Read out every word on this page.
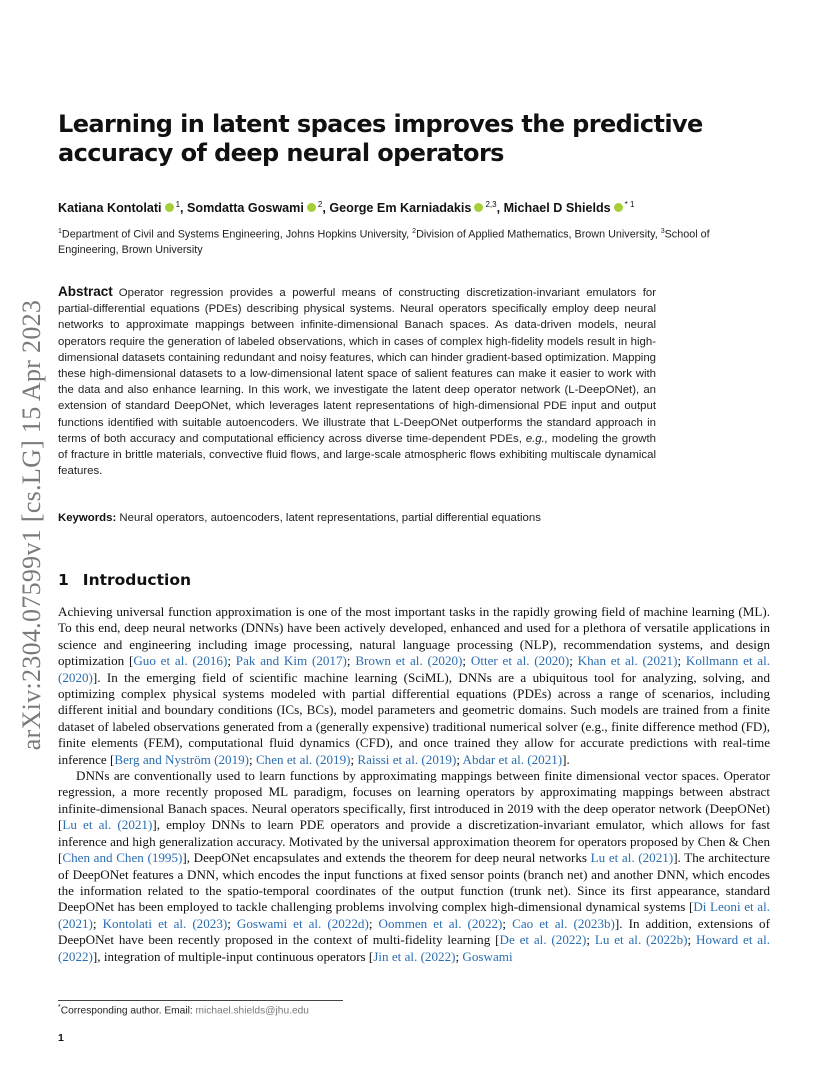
arXiv:2304.07599v1 [cs.LG] 15 Apr 2023
Learning in latent spaces improves the predictive accuracy of deep neural operators
Katiana Kontolati $^1$, Somdatta Goswami $^2$, George Em Karniadakis $^{2,3}$, Michael D Shields $^{* 1}$
$^1$Department of Civil and Systems Engineering, Johns Hopkins University, $^2$Division of Applied Mathematics, Brown University, $^3$School of Engineering, Brown University
Abstract Operator regression provides a powerful means of constructing discretization-invariant emulators for partial-differential equations (PDEs) describing physical systems. Neural operators specifically employ deep neural networks to approximate mappings between infinite-dimensional Banach spaces. As data-driven models, neural operators require the generation of labeled observations, which in cases of complex high-fidelity models result in high-dimensional datasets containing redundant and noisy features, which can hinder gradient-based optimization. Mapping these high-dimensional datasets to a low-dimensional latent space of salient features can make it easier to work with the data and also enhance learning. In this work, we investigate the latent deep operator network (L-DeepONet), an extension of standard DeepONet, which leverages latent representations of high-dimensional PDE input and output functions identified with suitable autoencoders. We illustrate that L-DeepONet outperforms the standard approach in terms of both accuracy and computational efficiency across diverse time-dependent PDEs, e.g., modeling the growth of fracture in brittle materials, convective fluid flows, and large-scale atmospheric flows exhibiting multiscale dynamical features.
Keywords: Neural operators, autoencoders, latent representations, partial differential equations
1 Introduction

Achieving universal function approximation is one of the most important tasks in the rapidly growing field of machine learning (ML). To this end, deep neural networks (DNNs) have been actively developed, enhanced and used for a plethora of versatile applications in science and engineering including image processing, natural language processing (NLP), recommendation systems, and design optimization [Guo et al. (2016); Pak and Kim (2017); Brown et al. (2020); Otter et al. (2020); Khan et al. (2021); Kollmann et al. (2020)]. In the emerging field of scientific machine learning (SciML), DNNs are a ubiquitous tool for analyzing, solving, and optimizing complex physical systems modeled with partial differential equations (PDEs) across a range of scenarios, including different initial and boundary conditions (ICs, BCs), model parameters and geometric domains. Such models are trained from a finite dataset of labeled observations generated from a (generally expensive) traditional numerical solver (e.g., finite difference method (FD), finite elements (FEM), computational fluid dynamics (CFD), and once trained they allow for accurate predictions with real-time inference [Berg and Nyström (2019); Chen et al. (2019); Raissi et al. (2019); Abdar et al. (2021)].

DNNs are conventionally used to learn functions by approximating mappings between finite dimensional vector spaces. Operator regression, a more recently proposed ML paradigm, focuses on learning operators by approximating mappings between abstract infinite-dimensional Banach spaces. Neural operators specifically, first introduced in 2019 with the deep operator network (DeepONet) [Lu et al. (2021)], employ DNNs to learn PDE operators and provide a discretization-invariant emulator, which allows for fast inference and high generalization accuracy. Motivated by the universal approximation theorem for operators proposed by Chen & Chen [Chen and Chen (1995)], DeepONet encapsulates and extends the theorem for deep neural networks Lu et al. (2021)]. The architecture of DeepONet features a DNN, which encodes the input functions at fixed sensor points (branch net) and another DNN, which encodes the information related to the spatio-temporal coordinates of the output function (trunk net). Since its first appearance, standard DeepONet has been employed to tackle challenging problems involving complex high-dimensional dynamical systems [Di Leoni et al. (2021); Kontolati et al. (2023); Goswami et al. (2022d); Oommen et al. (2022); Cao et al. (2023b)]. In addition, extensions of DeepONet have been recently proposed in the context of multi-fidelity learning [De et al. (2022); Lu et al. (2022b); Howard et al. (2022)], integration of multiple-input continuous operators [Jin et al. (2022); Goswami

*Corresponding author. Email: michael.shields@jhu.edu
1
